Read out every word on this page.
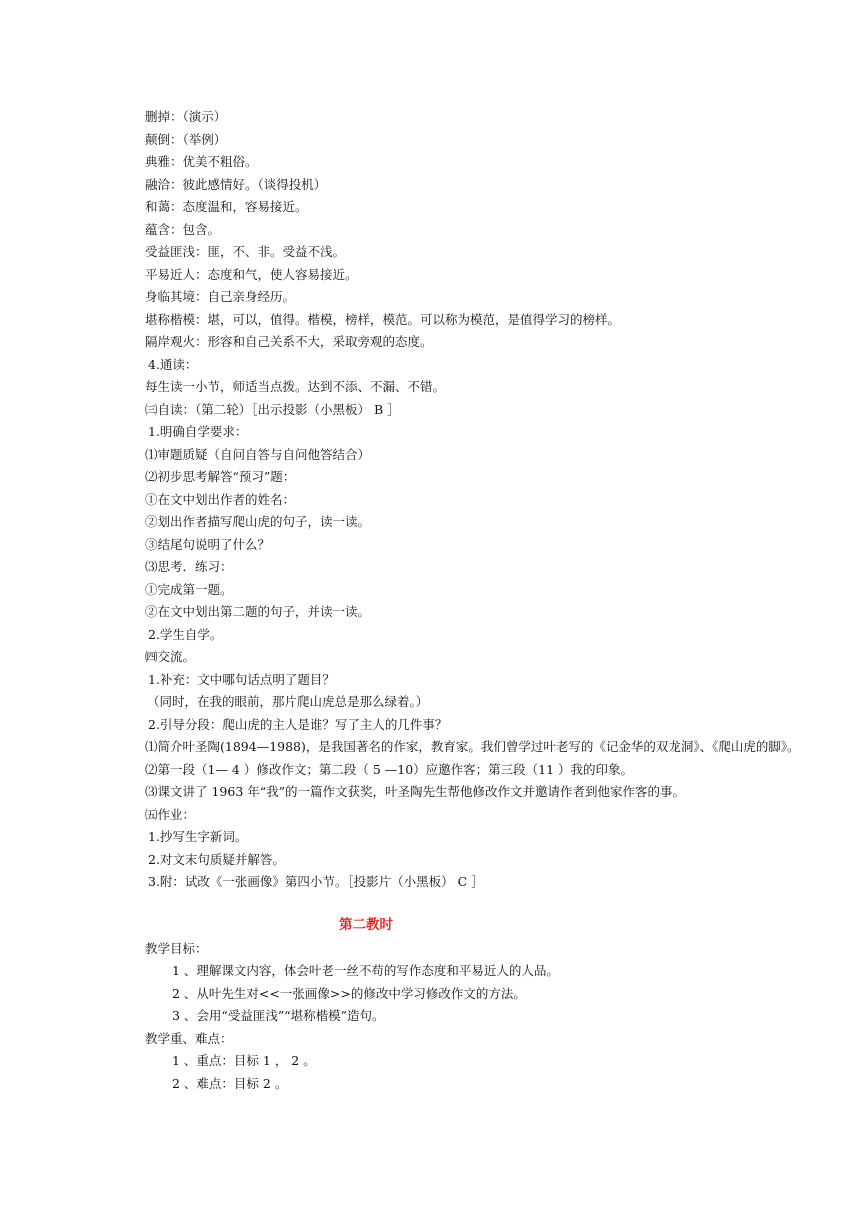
删掉：（演示）
颠倒：（举例）
典雅：优美不粗俗。
融洽：彼此感情好。（谈得投机）
和蔼：态度温和，容易接近。
蕴含：包含。
受益匪浅：匪，不、非。受益不浅。
平易近人：态度和气，使人容易接近。
身临其境：自己亲身经历。
堪称楷模：堪，可以，值得。楷模，榜样，模范。可以称为模范，是值得学习的榜样。
隔岸观火：形容和自己关系不大，采取旁观的态度。
4.通读：
每生读一小节，师适当点拨。达到不添、不漏、不错。
㈢自读：（第二轮）［出示投影（小黑板） B ］
1.明确自学要求：
⑴审题质疑（自问自答与自问他答结合）
⑵初步思考解答“预习”题：
①在文中划出作者的姓名：
②划出作者描写爬山虎的句子，读一读。
③结尾句说明了什么？
⑶思考．练习：
①完成第一题。
②在文中划出第二题的句子，并读一读。
2.学生自学。
㈣交流。
1.补充：文中哪句话点明了题目？
（同时，在我的眼前，那片爬山虎总是那么绿着。）
2.引导分段：爬山虎的主人是谁？写了主人的几件事？
⑴简介叶圣陶(1894—1988)，是我国著名的作家，教育家。我们曾学过叶老写的《记金华的双龙洞》、《爬山虎的脚》。
⑵第一段（1— 4 ）修改作文；第二段（ 5 —10）应邀作客；第三段（11 ）我的印象。
⑶课文讲了 1963 年“我”的一篇作文获奖，叶圣陶先生帮他修改作文并邀请作者到他家作客的事。
㈤作业：
1.抄写生字新词。
2.对文末句质疑并解答。
3.附：试改《一张画像》第四小节。［投影片（小黑板） C ］
第二教时
教学目标：
1 、理解课文内容，体会叶老一丝不苟的写作态度和平易近人的人品。
2 、从叶先生对<<一张画像>>的修改中学习修改作文的方法。
3 、会用“受益匪浅”“堪称楷模”造句。
教学重、难点：
1 、重点：目标 1 ， 2 。
2 、难点：目标 2 。
